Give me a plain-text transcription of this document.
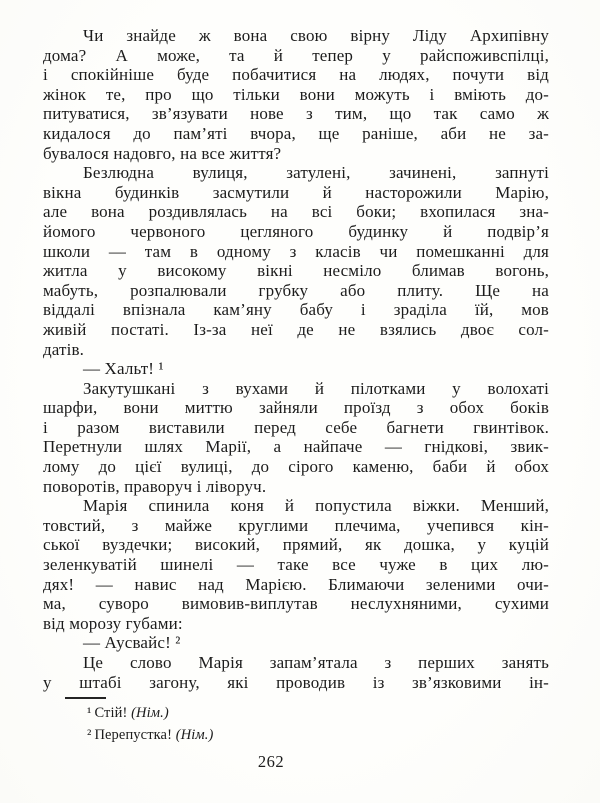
Чи знайде ж вона свою вірну Ліду Архипівну
дома? А може, та й тепер у райспоживспілці,
і спокійніше буде побачитися на людях, почути від
жінок те, про що тільки вони можуть і вміють до-
питуватися, зв’язувати нове з тим, що так само ж
кидалося до пам’яті вчора, ще раніше, аби не за-
бувалося надовго, на все життя?
Безлюдна вулиця, затулені, зачинені, запнуті
вікна будинків засмутили й насторожили Марію,
але вона роздивлялась на всі боки; вхопилася зна-
йомого червоного цегляного будинку й подвір’я
школи — там в одному з класів чи помешканні для
житла у високому вікні несміло блимав вогонь,
мабуть, розпалювали грубку або плиту. Ще на
віддалі впізнала кам’яну бабу і зраділа їй, мов
живій постаті. Із-за неї де не взялись двоє сол-
датів.
— Хальт! ¹
Закутушкані з вухами й пілотками у волохаті
шарфи, вони миттю зайняли проїзд з обох боків
і разом виставили перед себе багнети гвинтівок.
Перетнули шлях Марії, а найпаче — гнідкові, звик-
лому до цієї вулиці, до сірого каменю, баби й обох
поворотів, праворуч і ліворуч.
Марія спинила коня й попустила віжки. Менший,
товстий, з майже круглими плечима, учепився кін-
ської вуздечки; високий, прямий, як дошка, у куцій
зеленкуватій шинелі — таке все чуже в цих лю-
дях! — навис над Марією. Блимаючи зеленими очи-
ма, суворо вимовив-виплутав неслухняними, сухими
від морозу губами:
— Аусвайс! ²
Це слово Марія запам’ятала з перших занять
у штабі загону, які проводив із зв’язковими ін-
¹ Стій! (Нім.)
² Перепустка! (Нім.)
262
